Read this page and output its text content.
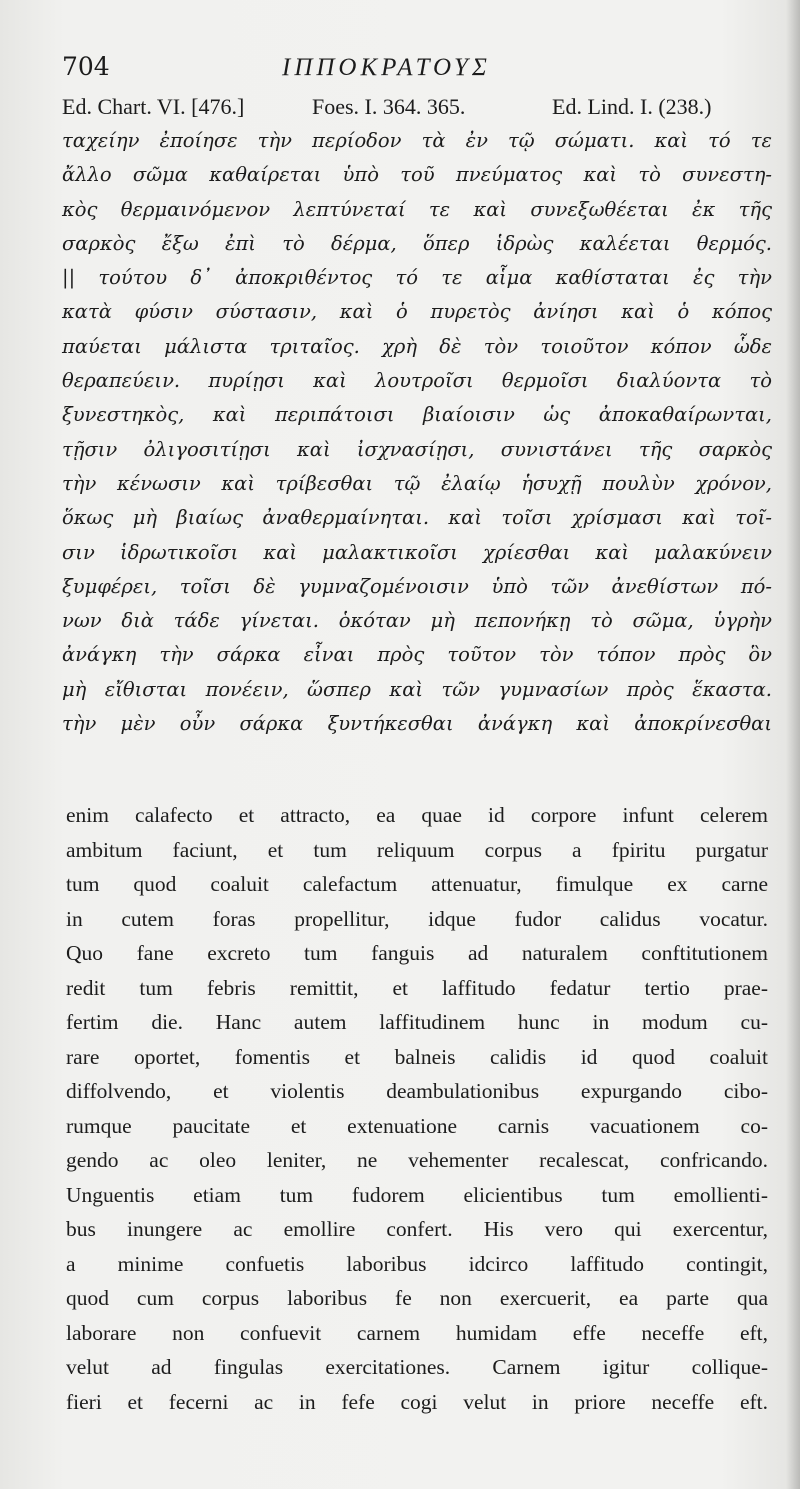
704	ΙΠΠΟΚΡΑΤΟΥΣ
Ed. Chart. VI. [476.]	Foes. I. 364. 365.	Ed. Lind. I. (238.)
ταχείην ἐποίησε τὴν περίοδον τὰ ἐν τῷ σώματι. καὶ τό τε
ἄλλο σῶμα καθαίρεται ὑπὸ τοῦ πνεύματος καὶ τὸ συνεστη-
κὸς θερμαινόμενον λεπτύνεταί τε καὶ συνεξωθέεται ἐκ τῆς
σαρκὸς ἔξω ἐπὶ τὸ δέρμα, ὅπερ ἱδρὼς καλέεται θερμός.
|| τούτου δ᾽ ἀποκριθέντος τό τε αἷμα καθίσταται ἐς τὴν
κατὰ φύσιν σύστασιν, καὶ ὁ πυρετὸς ἀνίησι καὶ ὁ κόπος
παύεται μάλιστα τριταῖος. χρὴ δὲ τὸν τοιοῦτον κόπον ὧδε
θεραπεύειν. πυρίῃσι καὶ λουτροῖσι θερμοῖσι διαλύοντα τὸ
ξυνεστηκὸς, καὶ περιπάτοισι βιαίοισιν ὡς ἀποκαθαίρωνται,
τῇσιν ὀλιγοσιτίῃσι καὶ ἰσχνασίῃσι, συνιστάνει τῆς σαρκὸς
τὴν κένωσιν καὶ τρίβεσθαι τῷ ἐλαίῳ ἡσυχῇ πουλὺν χρόνον,
ὅκως μὴ βιαίως ἀναθερμαίνηται. καὶ τοῖσι χρίσμασι καὶ τοῖ-
σιν ἱδρωτικοῖσι καὶ μαλακτικοῖσι χρίεσθαι καὶ μαλακύνειν
ξυμφέρει, τοῖσι δὲ γυμναζομένοισιν ὑπὸ τῶν ἀνεθίστων πό-
νων διὰ τάδε γίνεται. ὁκόταν μὴ πεπονήκῃ τὸ σῶμα, ὑγρὴν
ἀνάγκη τὴν σάρκα εἶναι πρὸς τοῦτον τὸν τόπον πρὸς ὃν
μὴ εἴθισται πονέειν, ὥσπερ καὶ τῶν γυμνασίων πρὸς ἕκαστα.
τὴν μὲν οὖν σάρκα ξυντήκεσθαι ἀνάγκη καὶ ἀποκρίνεσθαι
enim calafecto et attracto, ea quae id corpore infunt celerem
ambitum faciunt, et tum reliquum corpus a fpiritu purgatur
tum quod coaluit calefactum attenuatur, fimulque ex carne
in cutem foras propellitur, idque fudor calidus vocatur.
Quo fane excreto tum fanguis ad naturalem conftitutionem
redit tum febris remittit, et laffitudo fedatur tertio prae-
fertim die. Hanc autem laffitudinem hunc in modum cu-
rare oportet, fomentis et balneis calidis id quod coaluit
diffolvendo, et violentis deambulationibus expurgando cibo-
rumque paucitate et extenuatione carnis vacuationem co-
gendo ac oleo leniter, ne vehementer recalescat, confricando.
Unguentis etiam tum fudorem elicientibus tum emollienti-
bus inungere ac emollire confert. His vero qui exercentur,
a minime confuetis laboribus idcirco laffitudo contingit,
quod cum corpus laboribus fe non exercuerit, ea parte qua
laborare non confuevit carnem humidam effe neceffe eft,
velut ad fingulas exercitationes. Carnem igitur collique-
fieri et fecerni ac in fefe cogi velut in priore neceffe eft.
